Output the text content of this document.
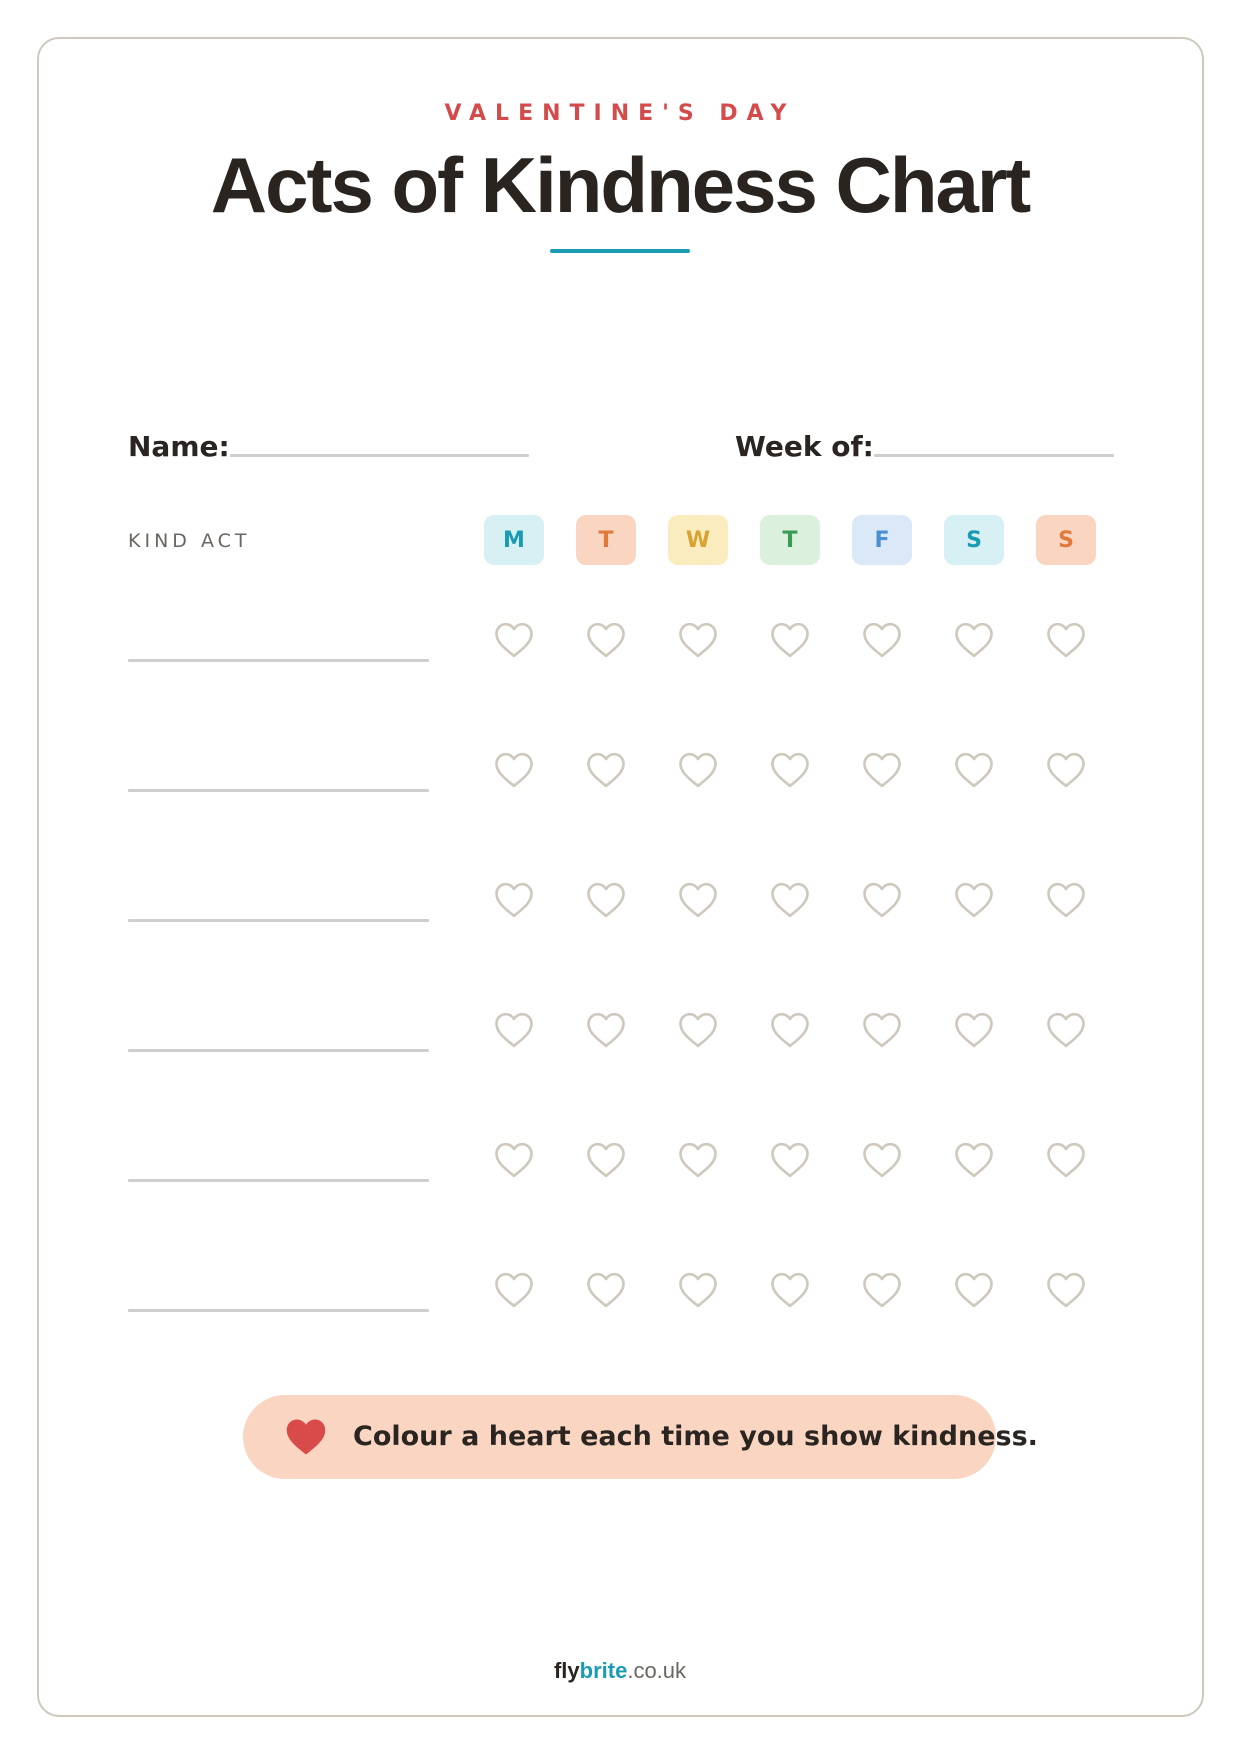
VALENTINE'S DAY
Acts of Kindness Chart
Name:	Week of:
KIND ACT	M	T	W	T	F	S	S
Colour a heart each time you show kindness.
flybrite.co.uk
